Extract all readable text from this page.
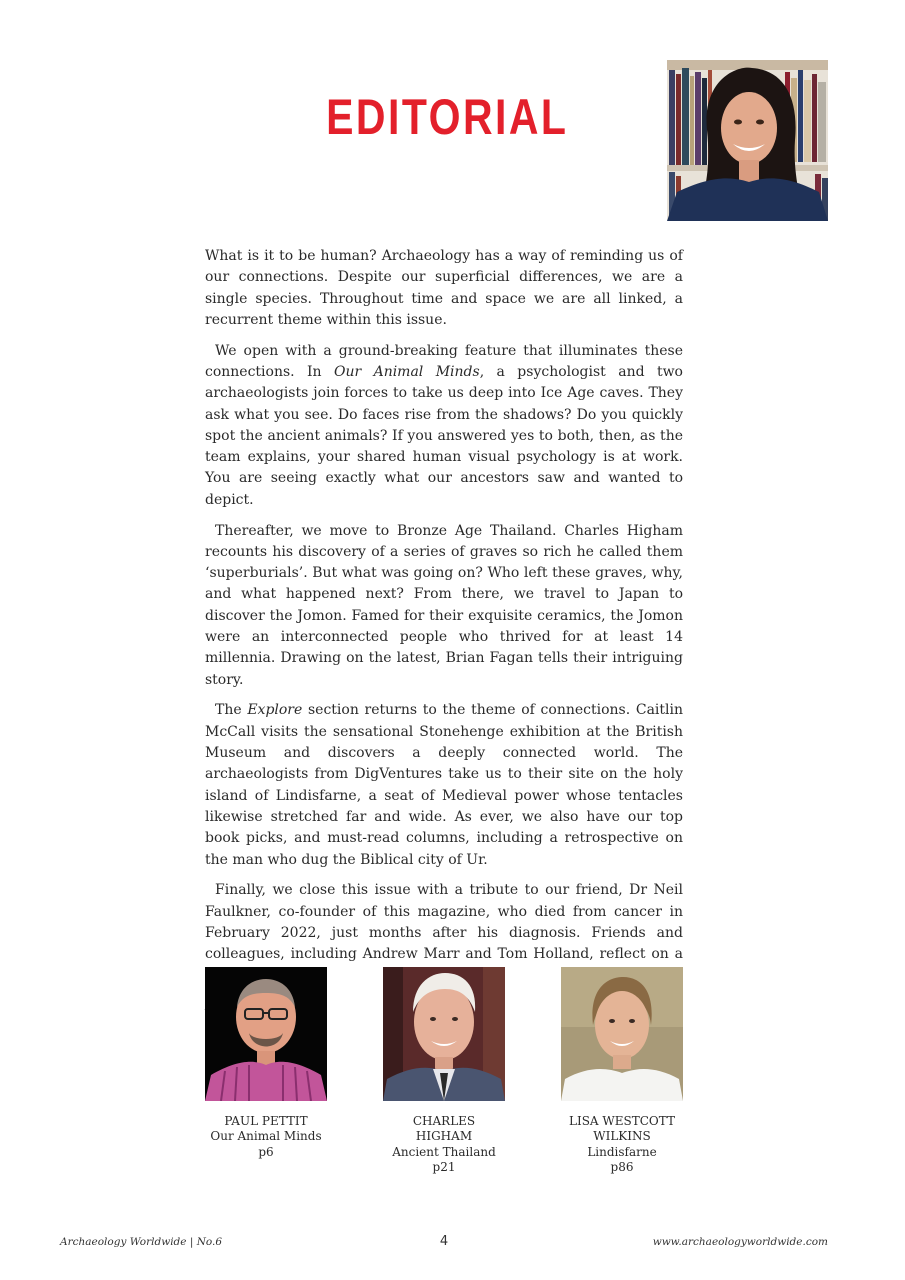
EDITORIAL

What is it to be human? Archaeology has a way of reminding us of our connections. Despite our superficial differences, we are a single species. Throughout time and space we are all linked, a recurrent theme within this issue.

We open with a ground-breaking feature that illuminates these connections. In Our Animal Minds, a psychologist and two archaeologists join forces to take us deep into Ice Age caves. They ask what you see. Do faces rise from the shadows? Do you quickly spot the ancient animals? If you answered yes to both, then, as the team explains, your shared human visual psychology is at work. You are seeing exactly what our ancestors saw and wanted to depict.

Thereafter, we move to Bronze Age Thailand. Charles Higham recounts his discovery of a series of graves so rich he called them ‘superburials’. But what was going on? Who left these graves, why, and what happened next? From there, we travel to Japan to discover the Jomon. Famed for their exquisite ceramics, the Jomon were an interconnected people who thrived for at least 14 millennia. Drawing on the latest, Brian Fagan tells their intriguing story.

The Explore section returns to the theme of connections. Caitlin McCall visits the sensational Stonehenge exhibition at the British Museum and discovers a deeply connected world. The archaeologists from DigVentures take us to their site on the holy island of Lindisfarne, a seat of Medieval power whose tentacles likewise stretched far and wide. As ever, we also have our top book picks, and must-read columns, including a retrospective on the man who dug the Biblical city of Ur.

Finally, we close this issue with a tribute to our friend, Dr Neil Faulkner, co-founder of this magazine, who died from cancer in February 2022, just months after his diagnosis. Friends and colleagues, including Andrew Marr and Tom Holland, reflect on a

PAUL PETTIT
Our Animal Minds
p6
CHARLES HIGHAM
Ancient Thailand
p21
LISA WESTCOTT
WILKINS
Lindisfarne
p86
Archaeology Worldwide | No.6	4	www.archaeologyworldwide.com
